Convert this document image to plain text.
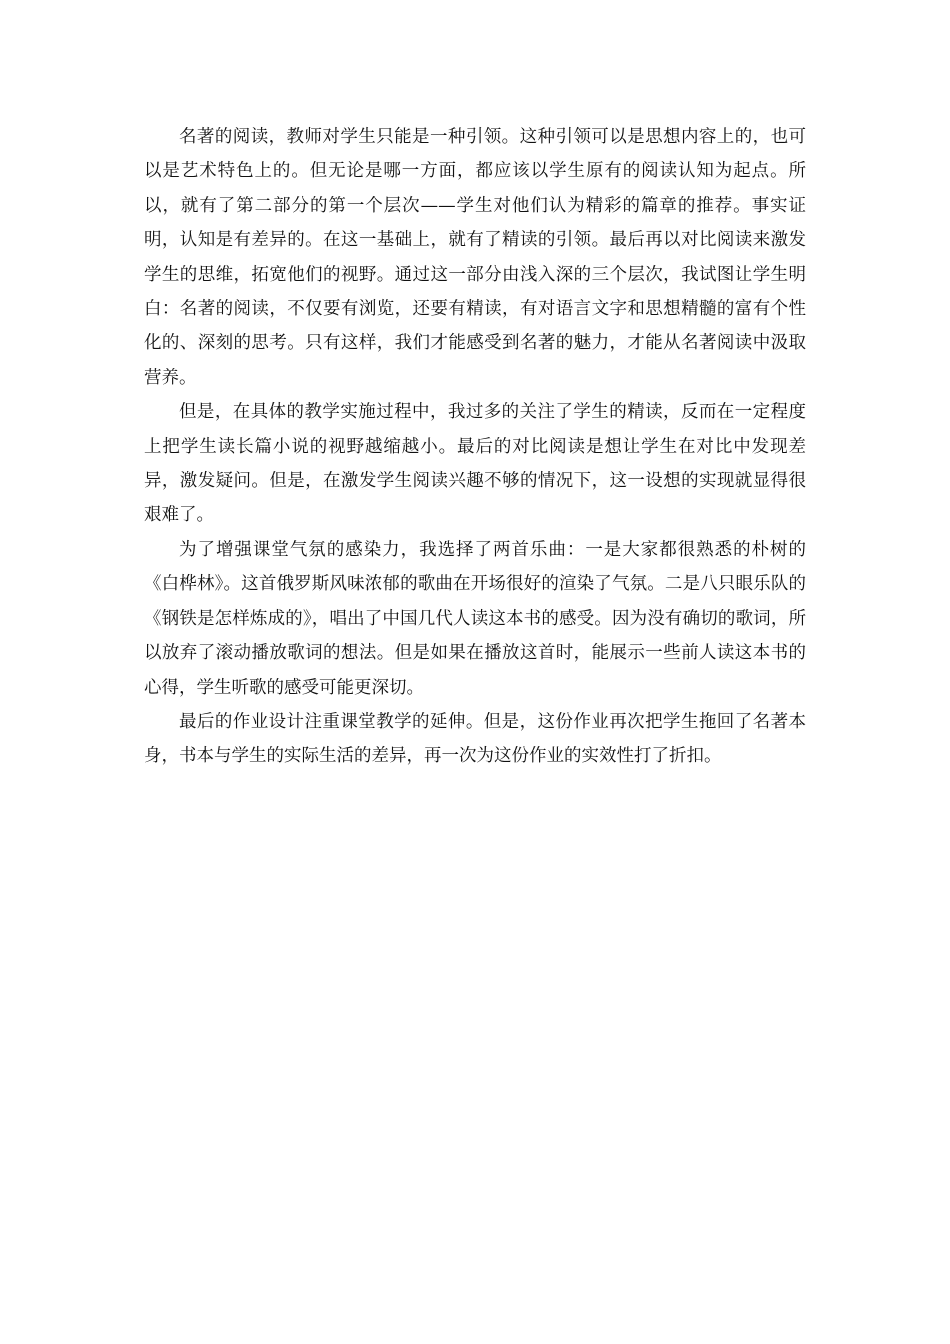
名著的阅读，教师对学生只能是一种引领。这种引领可以是思想内容上的，也可以是艺术特色上的。但无论是哪一方面，都应该以学生原有的阅读认知为起点。所以，就有了第二部分的第一个层次——学生对他们认为精彩的篇章的推荐。事实证明，认知是有差异的。在这一基础上，就有了精读的引领。最后再以对比阅读来激发学生的思维，拓宽他们的视野。通过这一部分由浅入深的三个层次，我试图让学生明白：名著的阅读，不仅要有浏览，还要有精读，有对语言文字和思想精髓的富有个性化的、深刻的思考。只有这样，我们才能感受到名著的魅力，才能从名著阅读中汲取营养。

但是，在具体的教学实施过程中，我过多的关注了学生的精读，反而在一定程度上把学生读长篇小说的视野越缩越小。最后的对比阅读是想让学生在对比中发现差异，激发疑问。但是，在激发学生阅读兴趣不够的情况下，这一设想的实现就显得很艰难了。

为了增强课堂气氛的感染力，我选择了两首乐曲：一是大家都很熟悉的朴树的《白桦林》。这首俄罗斯风味浓郁的歌曲在开场很好的渲染了气氛。二是八只眼乐队的《钢铁是怎样炼成的》，唱出了中国几代人读这本书的感受。因为没有确切的歌词，所以放弃了滚动播放歌词的想法。但是如果在播放这首时，能展示一些前人读这本书的心得，学生听歌的感受可能更深切。

最后的作业设计注重课堂教学的延伸。但是，这份作业再次把学生拖回了名著本身，书本与学生的实际生活的差异，再一次为这份作业的实效性打了折扣。
